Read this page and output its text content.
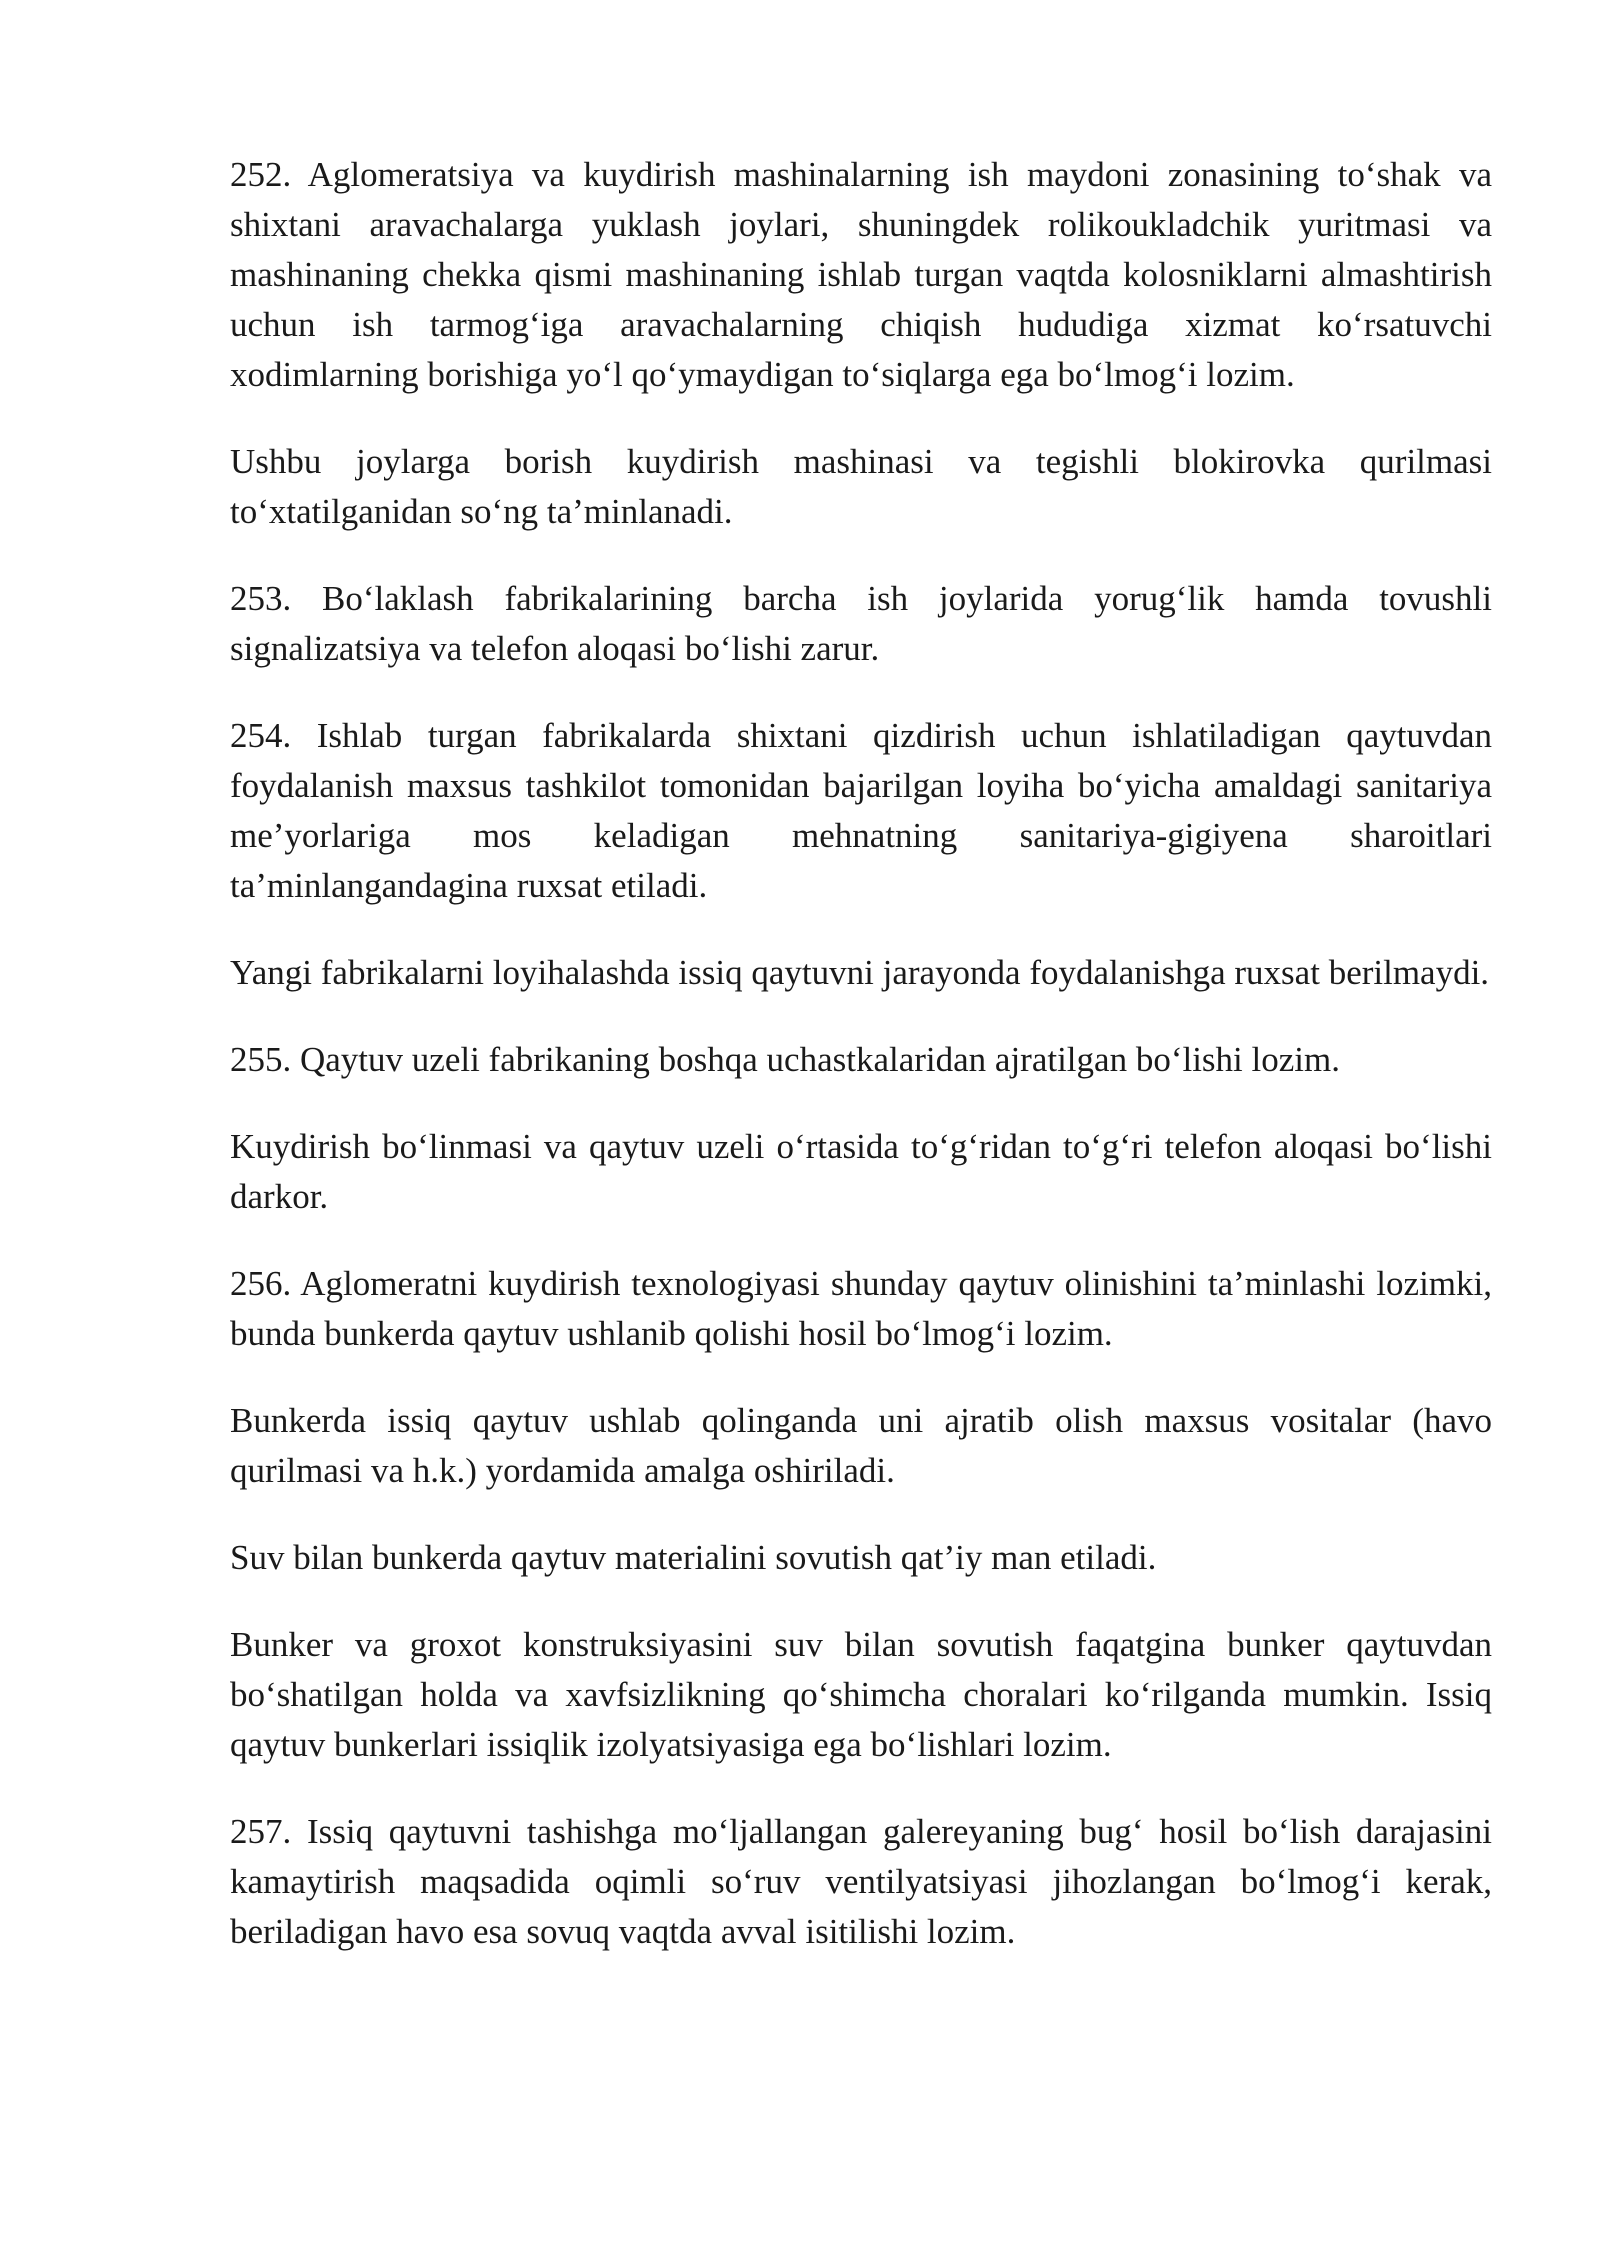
252. Aglomeratsiya va kuydirish mashinalarning ish maydoni zonasining to‘shak va shixtani aravachalarga yuklash joylari, shuningdek rolikoukladchik yuritmasi va mashinaning chekka qismi mashinaning ishlab turgan vaqtda kolosniklarni almashtirish uchun ish tarmog‘iga aravachalarning chiqish hududiga xizmat ko‘rsatuvchi xodimlarning borishiga yo‘l qo‘ymaydigan to‘siqlarga ega bo‘lmog‘i lozim.

Ushbu joylarga borish kuydirish mashinasi va tegishli blokirovka qurilmasi to‘xtatilganidan so‘ng ta’minlanadi.

253. Bo‘laklash fabrikalarining barcha ish joylarida yorug‘lik hamda tovushli signalizatsiya va telefon aloqasi bo‘lishi zarur.

254. Ishlab turgan fabrikalarda shixtani qizdirish uchun ishlatiladigan qaytuvdan foydalanish maxsus tashkilot tomonidan bajarilgan loyiha bo‘yicha amaldagi sanitariya me’yorlariga mos keladigan mehnatning sanitariya-gigiyena sharoitlari ta’minlangandagina ruxsat etiladi.

Yangi fabrikalarni loyihalashda issiq qaytuvni jarayonda foydalanishga ruxsat berilmaydi.

255. Qaytuv uzeli fabrikaning boshqa uchastkalaridan ajratilgan bo‘lishi lozim.

Kuydirish bo‘linmasi va qaytuv uzeli o‘rtasida to‘g‘ridan to‘g‘ri telefon aloqasi bo‘lishi darkor.

256. Aglomeratni kuydirish texnologiyasi shunday qaytuv olinishini ta’minlashi lozimki, bunda bunkerda qaytuv ushlanib qolishi hosil bo‘lmog‘i lozim.

Bunkerda issiq qaytuv ushlab qolinganda uni ajratib olish maxsus vositalar (havo qurilmasi va h.k.) yordamida amalga oshiriladi.

Suv bilan bunkerda qaytuv materialini sovutish qat’iy man etiladi.

Bunker va groxot konstruksiyasini suv bilan sovutish faqatgina bunker qaytuvdan bo‘shatilgan holda va xavfsizlikning qo‘shimcha choralari ko‘rilganda mumkin. Issiq qaytuv bunkerlari issiqlik izolyatsiyasiga ega bo‘lishlari lozim.

257. Issiq qaytuvni tashishga mo‘ljallangan galereyaning bug‘ hosil bo‘lish darajasini kamaytirish maqsadida oqimli so‘ruv ventilyatsiyasi jihozlangan bo‘lmog‘i kerak, beriladigan havo esa sovuq vaqtda avval isitilishi lozim.
